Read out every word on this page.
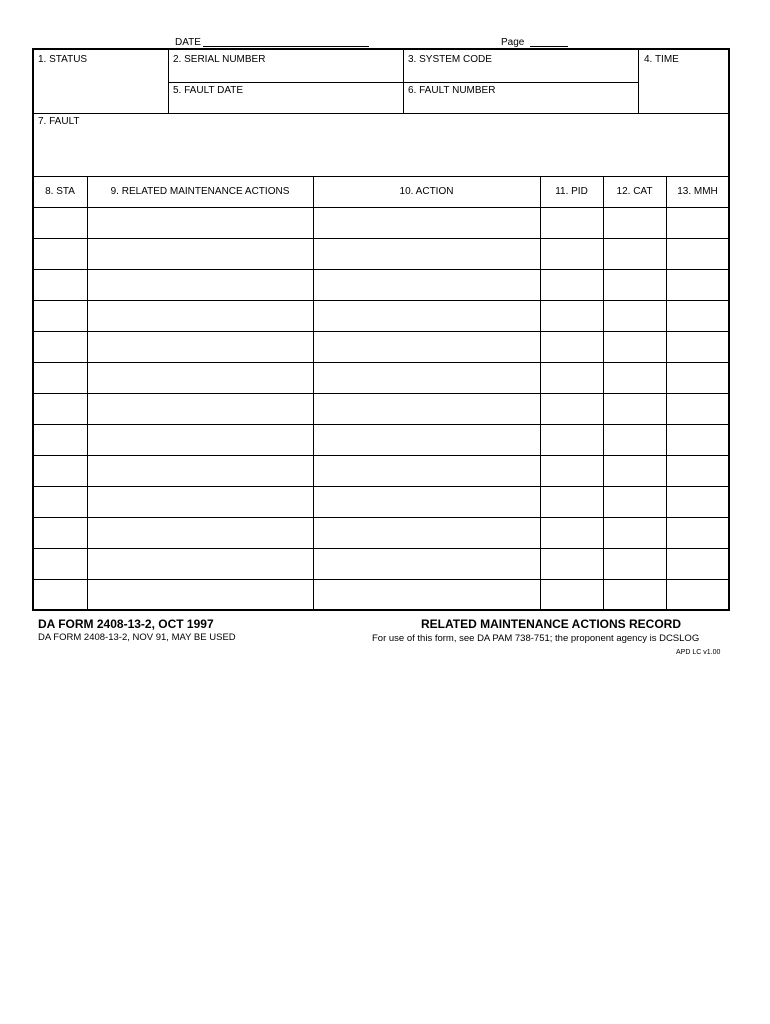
DATE	Page
1. STATUS	2. SERIAL NUMBER	3. SYSTEM CODE	4. TIME
5. FAULT DATE	6. FAULT NUMBER
7. FAULT
8. STA	9. RELATED MAINTENANCE ACTIONS	10. ACTION	11. PID	12. CAT	13. MMH
DA FORM 2408-13-2, OCT 1997
DA FORM 2408-13-2, NOV 91, MAY BE USED
RELATED MAINTENANCE ACTIONS RECORD
For use of this form, see DA PAM 738-751; the proponent agency is DCSLOG
APD LC v1.00
